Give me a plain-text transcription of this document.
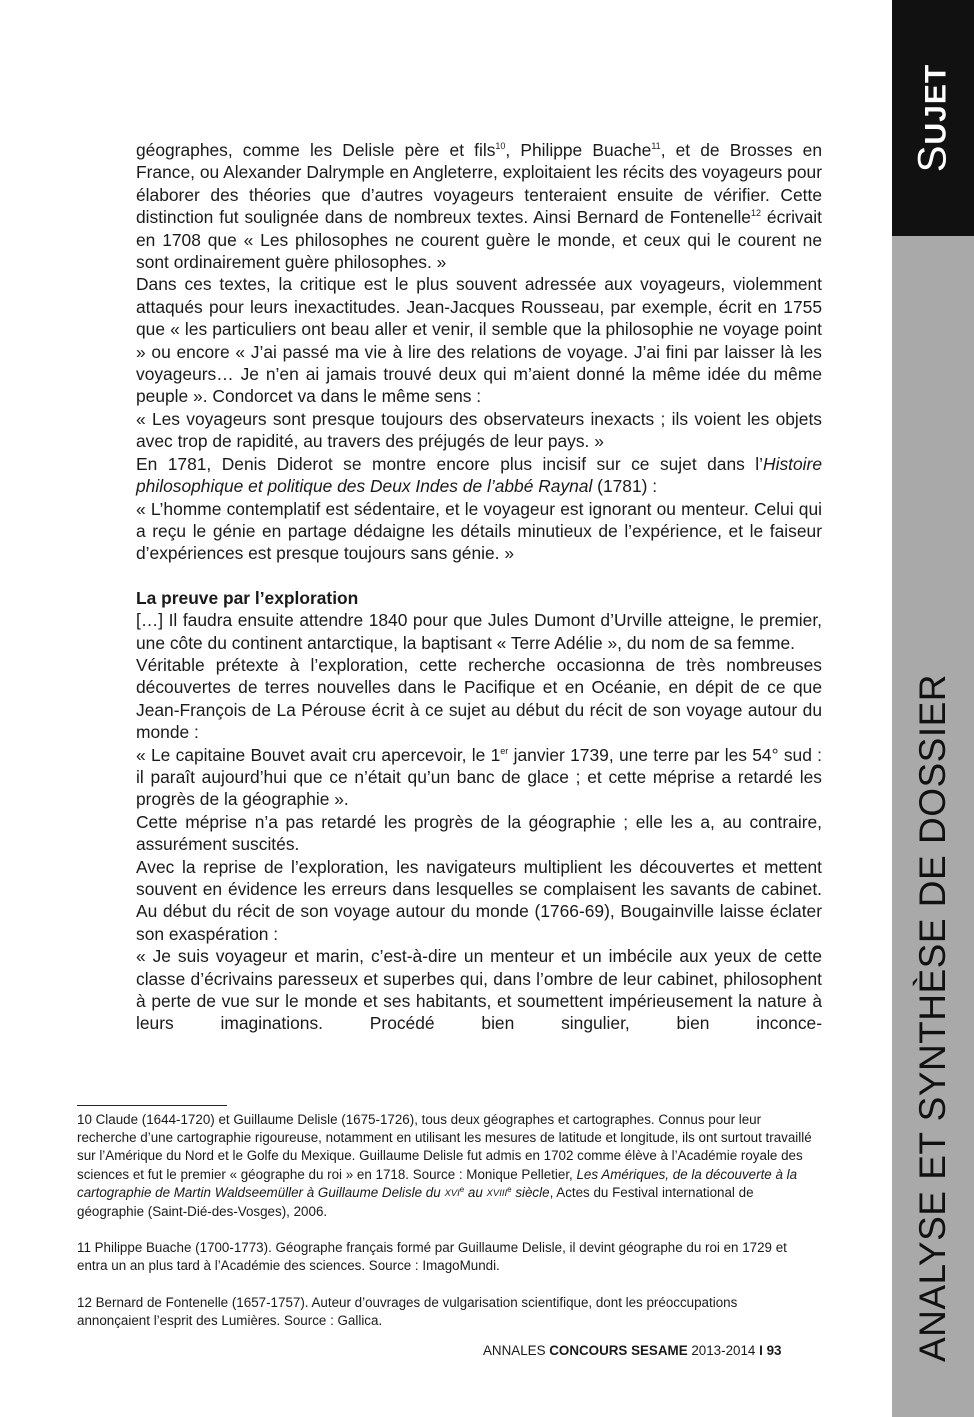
SUJET
ANALYSE ET SYNTHÈSE DE DOSSIER

géographes, comme les Delisle père et fils$^{10}$, Philippe Buache$^{11}$, et de Brosses en France, ou Alexander Dalrymple en Angleterre, exploitaient les récits des voyageurs pour élaborer des théories que d’autres voyageurs tenteraient ensuite de vérifier. Cette distinction fut soulignée dans de nombreux textes. Ainsi Bernard de Fontenelle$^{12}$ écrivait en 1708 que « Les philosophes ne courent guère le monde, et ceux qui le courent ne sont ordinairement guère philosophes. »

Dans ces textes, la critique est le plus souvent adressée aux voyageurs, violemment attaqués pour leurs inexactitudes. Jean-Jacques Rousseau, par exemple, écrit en 1755 que « les particuliers ont beau aller et venir, il semble que la philosophie ne voyage point » ou encore « J’ai passé ma vie à lire des relations de voyage. J’ai fini par laisser là les voyageurs… Je n’en ai jamais trouvé deux qui m’aient donné la même idée du même peuple ». Condorcet va dans le même sens :

« Les voyageurs sont presque toujours des observateurs inexacts ; ils voient les objets avec trop de rapidité, au travers des préjugés de leur pays. »

En 1781, Denis Diderot se montre encore plus incisif sur ce sujet dans l’Histoire philosophique et politique des Deux Indes de l’abbé Raynal (1781) :

« L’homme contemplatif est sédentaire, et le voyageur est ignorant ou menteur. Celui qui a reçu le génie en partage dédaigne les détails minutieux de l’expérience, et le faiseur d’expériences est presque toujours sans génie. »

La preuve par l’exploration

[…] Il faudra ensuite attendre 1840 pour que Jules Dumont d’Urville atteigne, le premier, une côte du continent antarctique, la baptisant « Terre Adélie », du nom de sa femme.

Véritable prétexte à l’exploration, cette recherche occasionna de très nombreuses découvertes de terres nouvelles dans le Pacifique et en Océanie, en dépit de ce que Jean-François de La Pérouse écrit à ce sujet au début du récit de son voyage autour du monde :

« Le capitaine Bouvet avait cru apercevoir, le 1er janvier 1739, une terre par les 54° sud : il paraît aujourd’hui que ce n’était qu’un banc de glace ; et cette méprise a retardé les progrès de la géographie ».

Cette méprise n’a pas retardé les progrès de la géographie ; elle les a, au contraire, assurément suscités.

Avec la reprise de l’exploration, les navigateurs multiplient les découvertes et mettent souvent en évidence les erreurs dans lesquelles se complaisent les savants de cabinet. Au début du récit de son voyage autour du monde (1766-69), Bougainville laisse éclater son exaspération :

« Je suis voyageur et marin, c’est-à-dire un menteur et un imbécile aux yeux de cette classe d’écrivains paresseux et superbes qui, dans l’ombre de leur cabinet, philosophent à perte de vue sur le monde et ses habitants, et soumettent impérieusement la nature à leurs imaginations. Procédé bien singulier, bien inconce-

10 Claude (1644-1720) et Guillaume Delisle (1675-1726), tous deux géographes et cartographes. Connus pour leur recherche d’une cartographie rigoureuse, notamment en utilisant les mesures de latitude et longitude, ils ont surtout travaillé sur l’Amérique du Nord et le Golfe du Mexique. Guillaume Delisle fut admis en 1702 comme élève à l’Académie royale des sciences et fut le premier « géographe du roi » en 1718. Source : Monique Pelletier, Les Amériques, de la découverte à la cartographie de Martin Waldseemüller à Guillaume Delisle du XVIe au XVIIIe siècle, Actes du Festival international de géographie (Saint-Dié-des-Vosges), 2006.

11 Philippe Buache (1700-1773). Géographe français formé par Guillaume Delisle, il devint géographe du roi en 1729 et entra un an plus tard à l’Académie des sciences. Source : ImagoMundi.

12 Bernard de Fontenelle (1657-1757). Auteur d’ouvrages de vulgarisation scientifique, dont les préoccupations annonçaient l’esprit des Lumières. Source : Gallica.

ANNALES CONCOURS SESAME 2013-2014 I 93
